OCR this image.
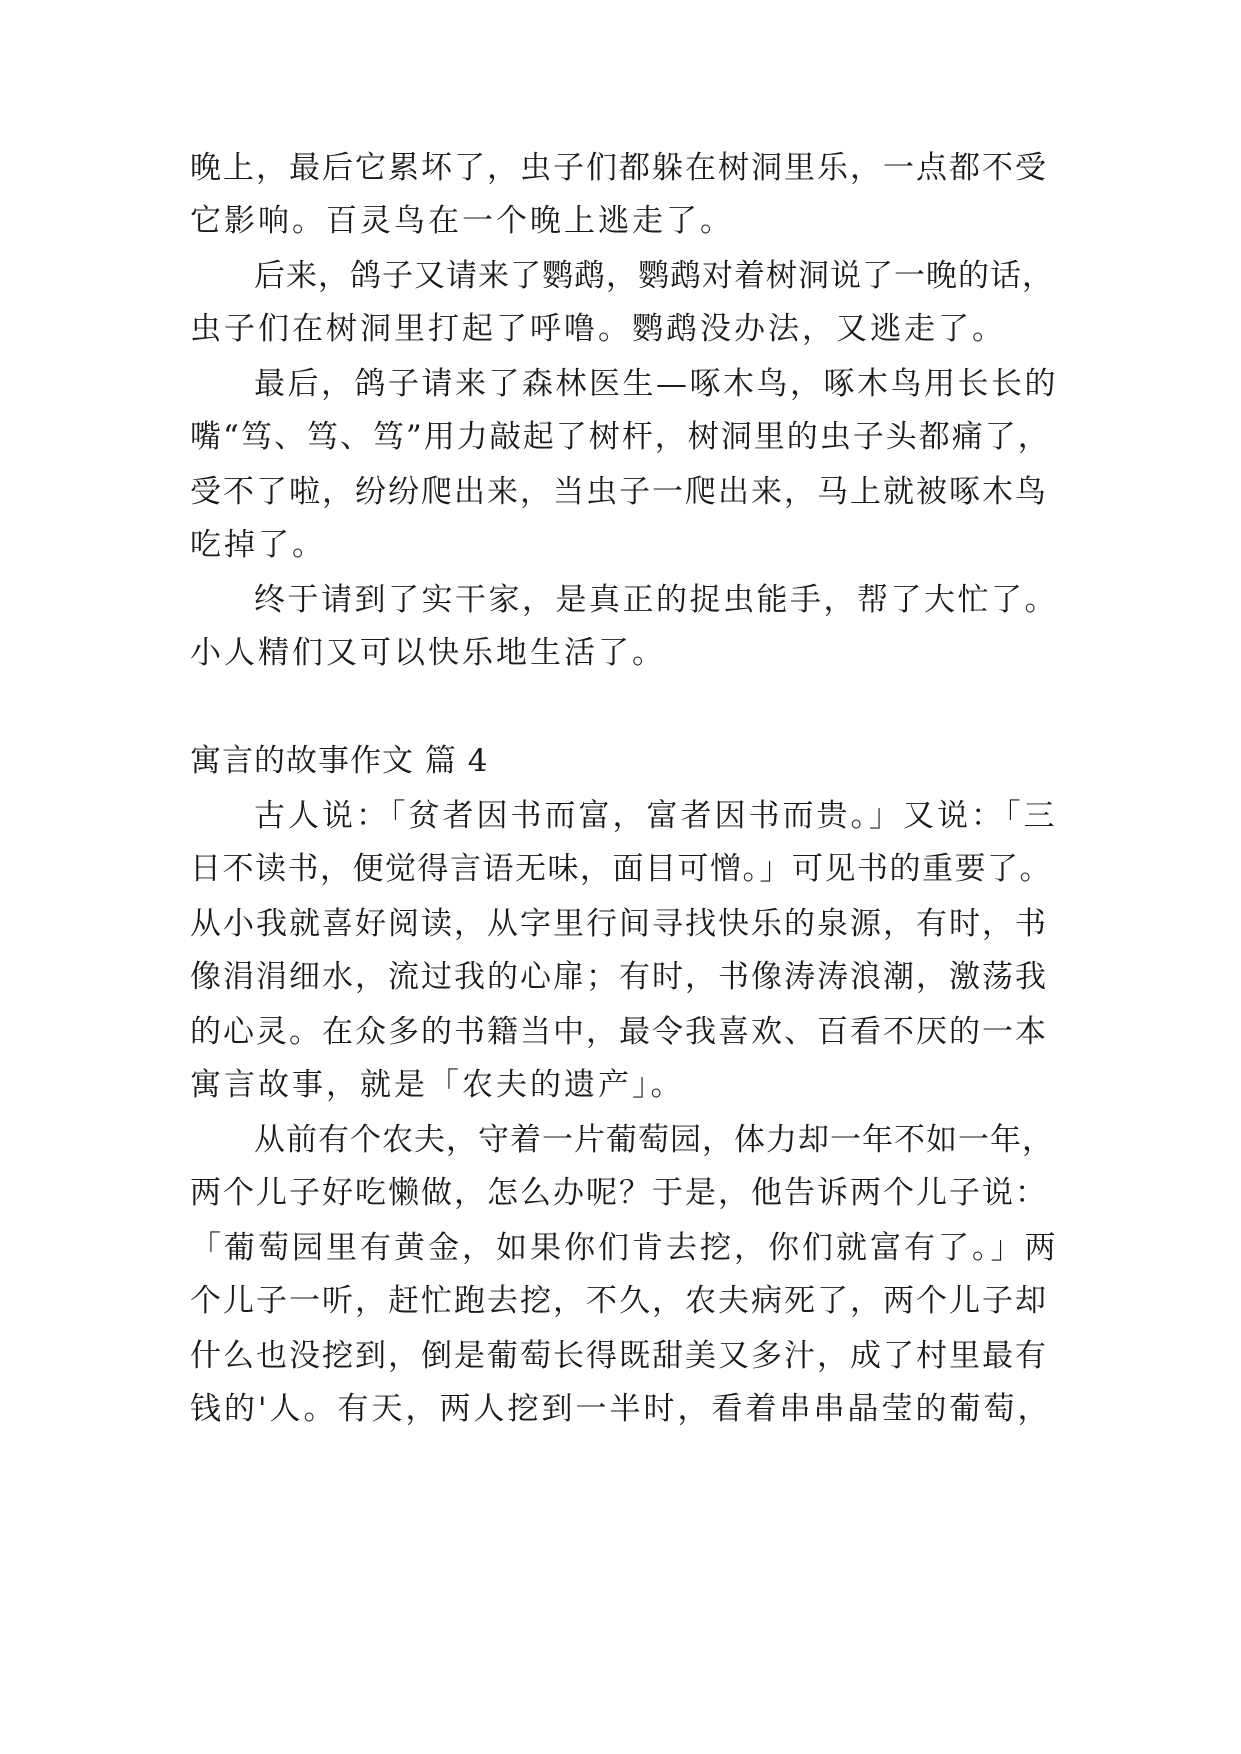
晚上，最后它累坏了，虫子们都躲在树洞里乐，一点都不受
它影响。百灵鸟在一个晚上逃走了。
后来，鸽子又请来了鹦鹉，鹦鹉对着树洞说了一晚的话，
虫子们在树洞里打起了呼噜。鹦鹉没办法，又逃走了。
最后，鸽子请来了森林医生—啄木鸟，啄木鸟用长长的
嘴“笃、笃、笃”用力敲起了树杆，树洞里的虫子头都痛了，
受不了啦，纷纷爬出来，当虫子一爬出来，马上就被啄木鸟
吃掉了。
终于请到了实干家，是真正的捉虫能手，帮了大忙了。
小人精们又可以快乐地生活了。
寓言的故事作文 篇 4
古人说：「贫者因书而富，富者因书而贵。」又说：「三
日不读书，便觉得言语无味，面目可憎。」可见书的重要了。
从小我就喜好阅读，从字里行间寻找快乐的泉源，有时，书
像涓涓细水，流过我的心扉；有时，书像涛涛浪潮，激荡我
的心灵。在众多的书籍当中，最令我喜欢、百看不厌的一本
寓言故事，就是「农夫的遗产」。
从前有个农夫，守着一片葡萄园，体力却一年不如一年，
两个儿子好吃懒做，怎么办呢？于是，他告诉两个儿子说：
「葡萄园里有黄金，如果你们肯去挖，你们就富有了。」两
个儿子一听，赶忙跑去挖，不久，农夫病死了，两个儿子却
什么也没挖到，倒是葡萄长得既甜美又多汁，成了村里最有
钱的'人。有天，两人挖到一半时，看着串串晶莹的葡萄，
